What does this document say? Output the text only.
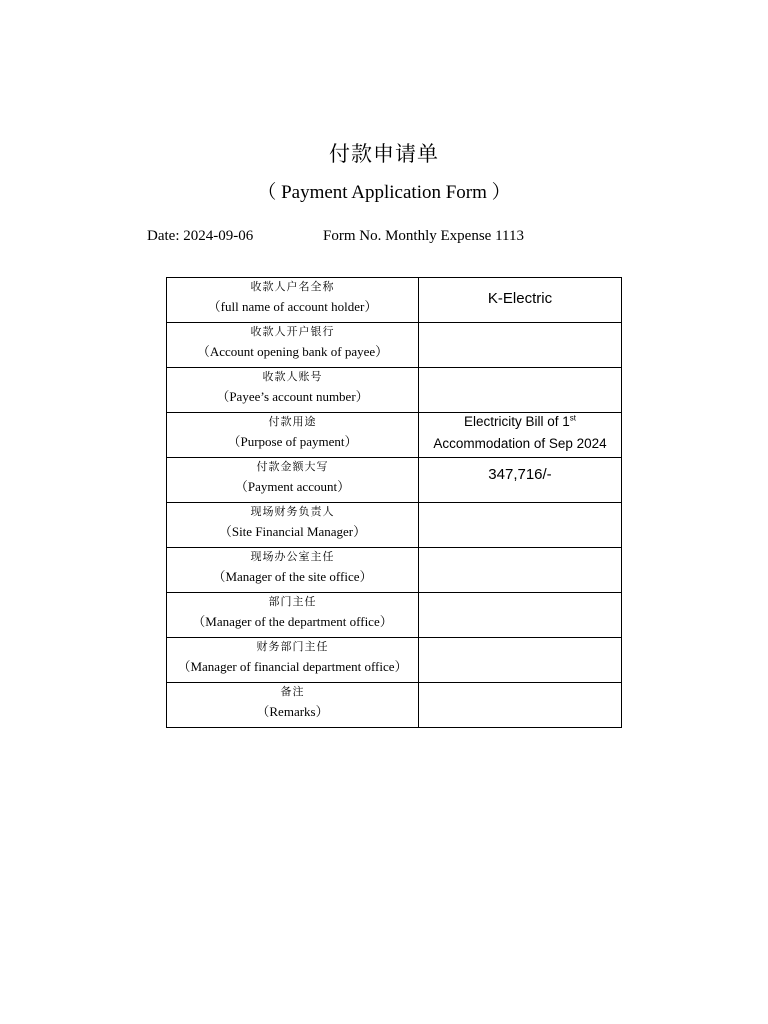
付款申请单
（ Payment Application Form ）
Date: 2024-09-06	Form No. Monthly Expense 1113
收款人户名全称
（full name of account holder）	K-Electric

收款人开户银行
（Account opening bank of payee）	

收款人账号
（Payee’s account number）	

付款用途
（Purpose of payment）	Electricity Bill of 1st
Accommodation of Sep 2024

付款金额大写
（Payment account）	347,716/-

现场财务负责人
（Site Financial Manager）	

现场办公室主任
（Manager of the site office）	

部门主任
（Manager of the department office）	

财务部门主任
（Manager of financial department office）	

备注
（Remarks）	
